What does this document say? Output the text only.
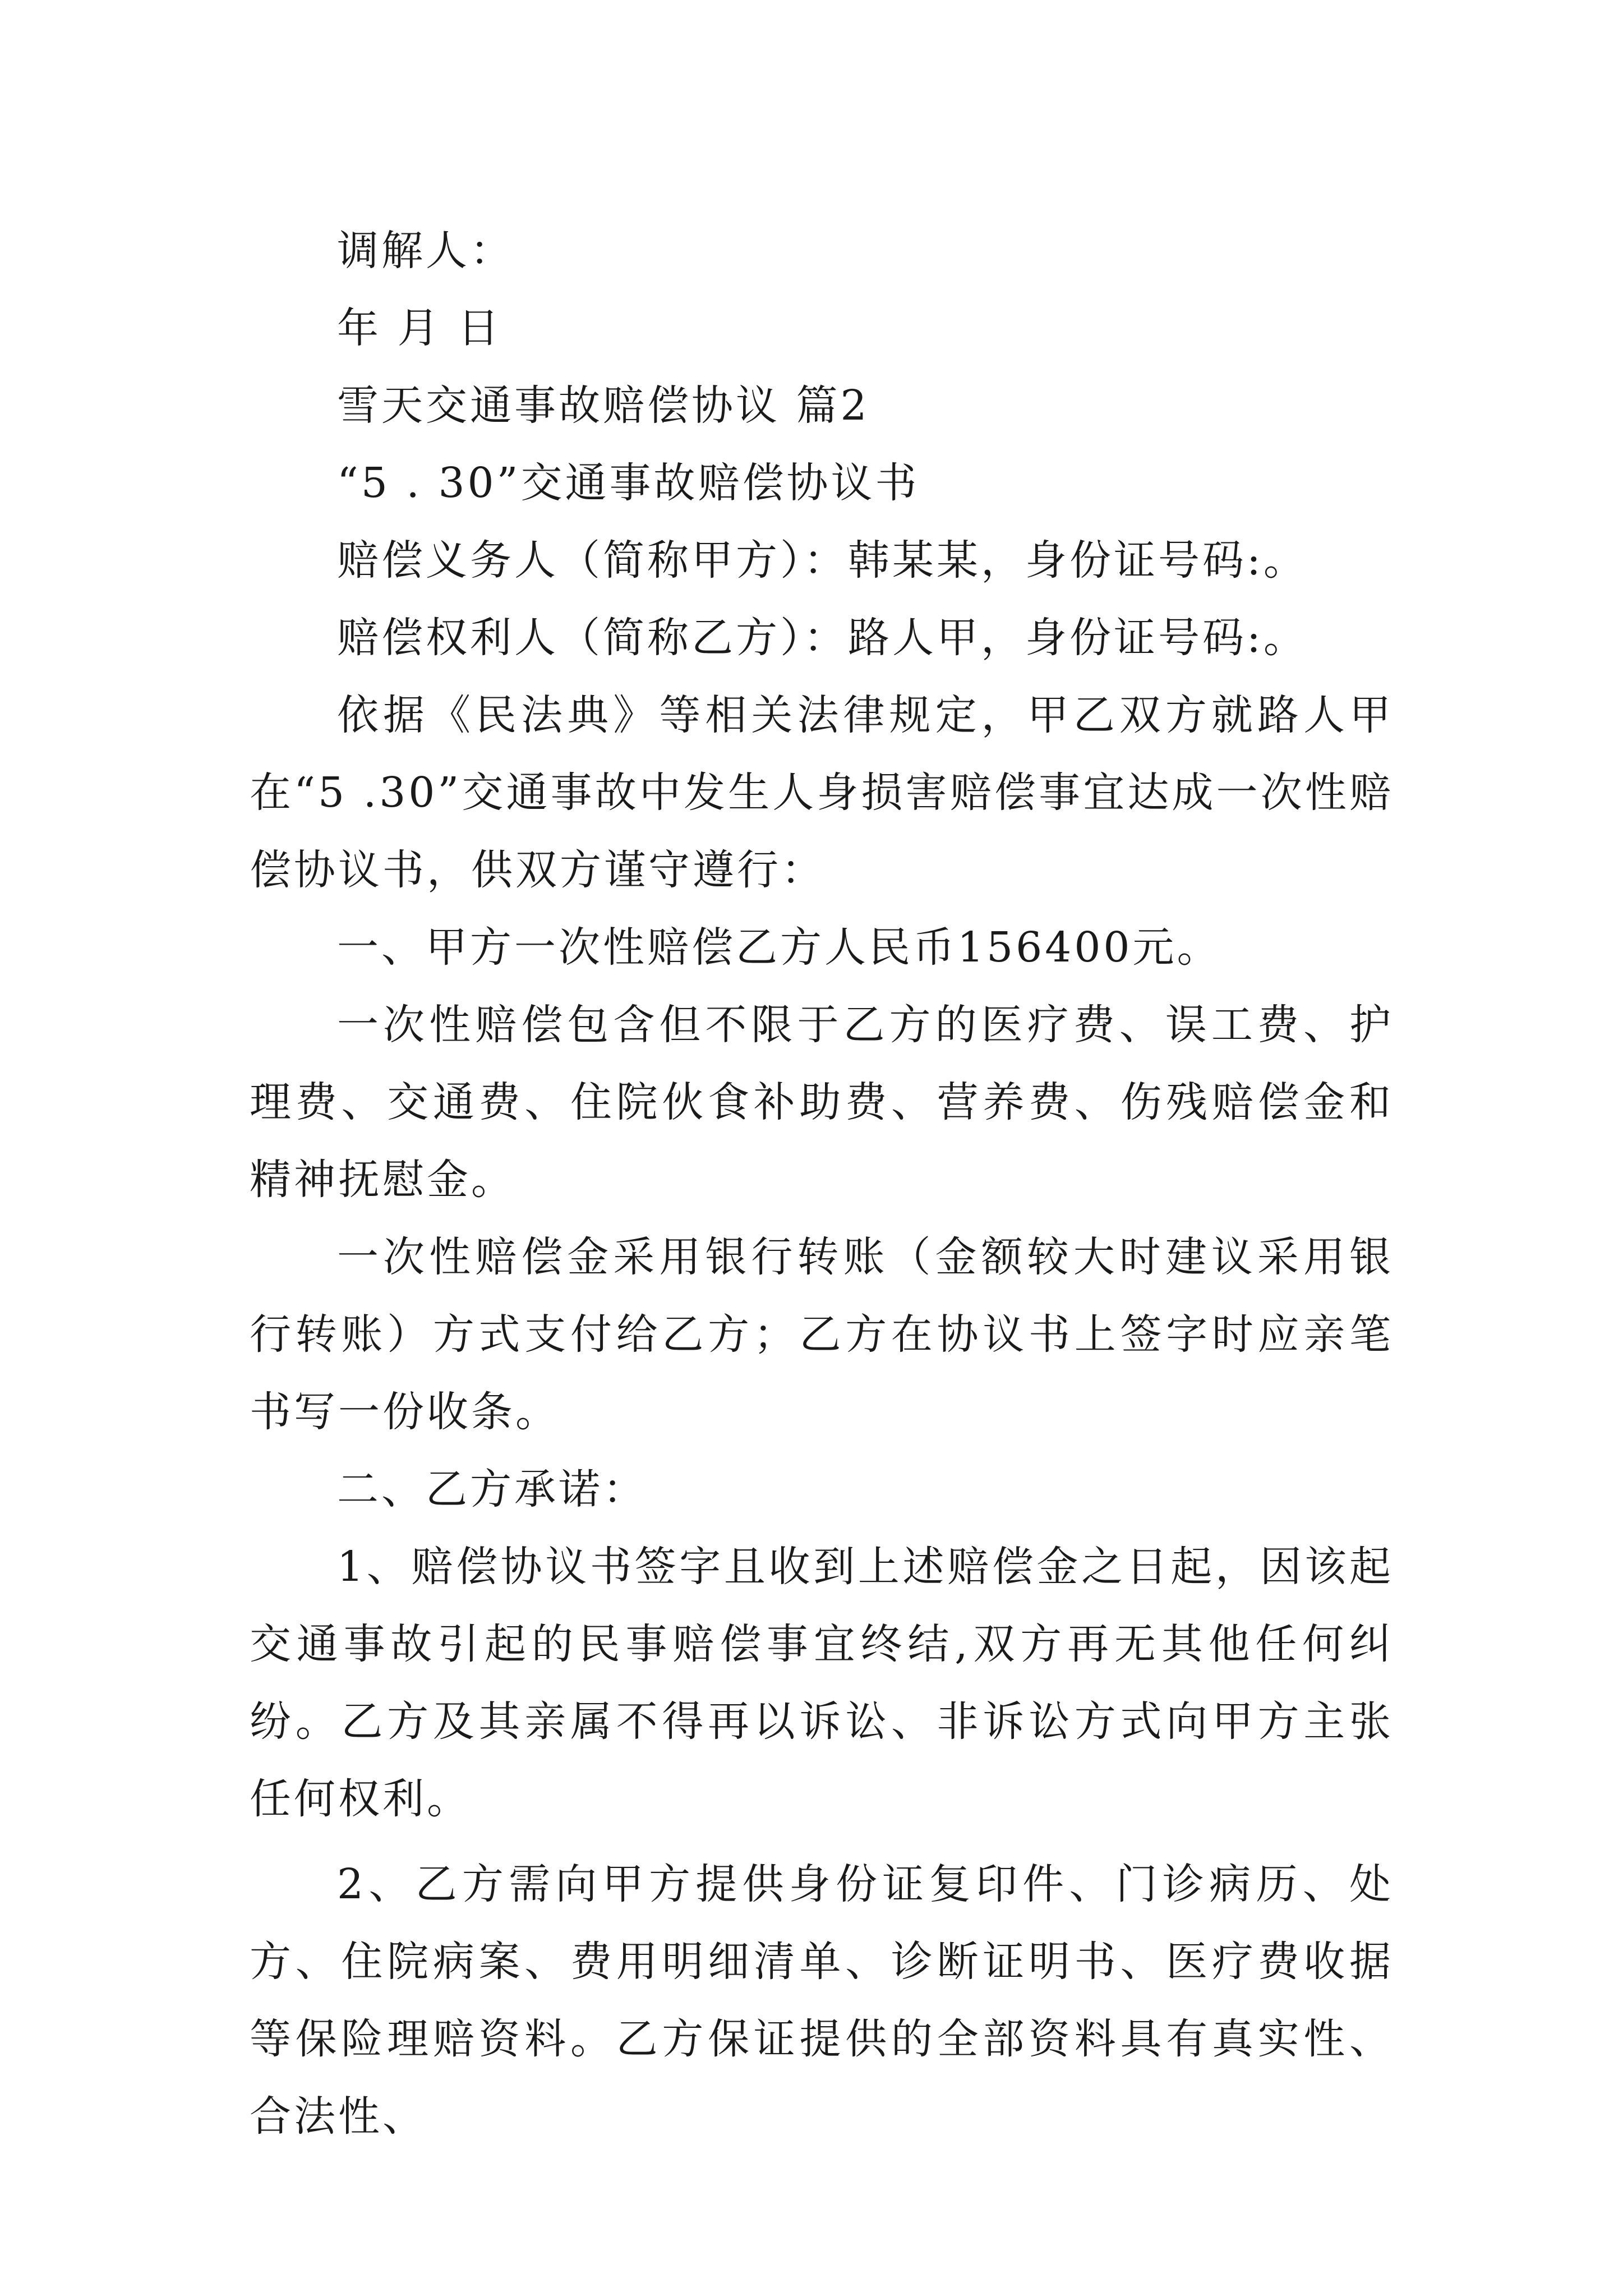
调解人：

年 月 日

雪天交通事故赔偿协议 篇2

“5 . 30”交通事故赔偿协议书

赔偿义务人（简称甲方）：韩某某，身份证号码:。

赔偿权利人（简称乙方）：路人甲，身份证号码:。

依据《民法典》等相关法律规定，甲乙双方就路人甲在“5 .30”交通事故中发生人身损害赔偿事宜达成一次性赔偿协议书，供双方谨守遵行：

一、甲方一次性赔偿乙方人民币156400元。

一次性赔偿包含但不限于乙方的医疗费、误工费、护理费、交通费、住院伙食补助费、营养费、伤残赔偿金和精神抚慰金。

一次性赔偿金采用银行转账（金额较大时建议采用银行转账）方式支付给乙方；乙方在协议书上签字时应亲笔书写一份收条。

二、乙方承诺：

1、赔偿协议书签字且收到上述赔偿金之日起，因该起交通事故引起的民事赔偿事宜终结,双方再无其他任何纠纷。乙方及其亲属不得再以诉讼、非诉讼方式向甲方主张任何权利。

2、乙方需向甲方提供身份证复印件、门诊病历、处方、住院病案、费用明细清单、诊断证明书、医疗费收据等保险理赔资料。乙方保证提供的全部资料具有真实性、合法性、
